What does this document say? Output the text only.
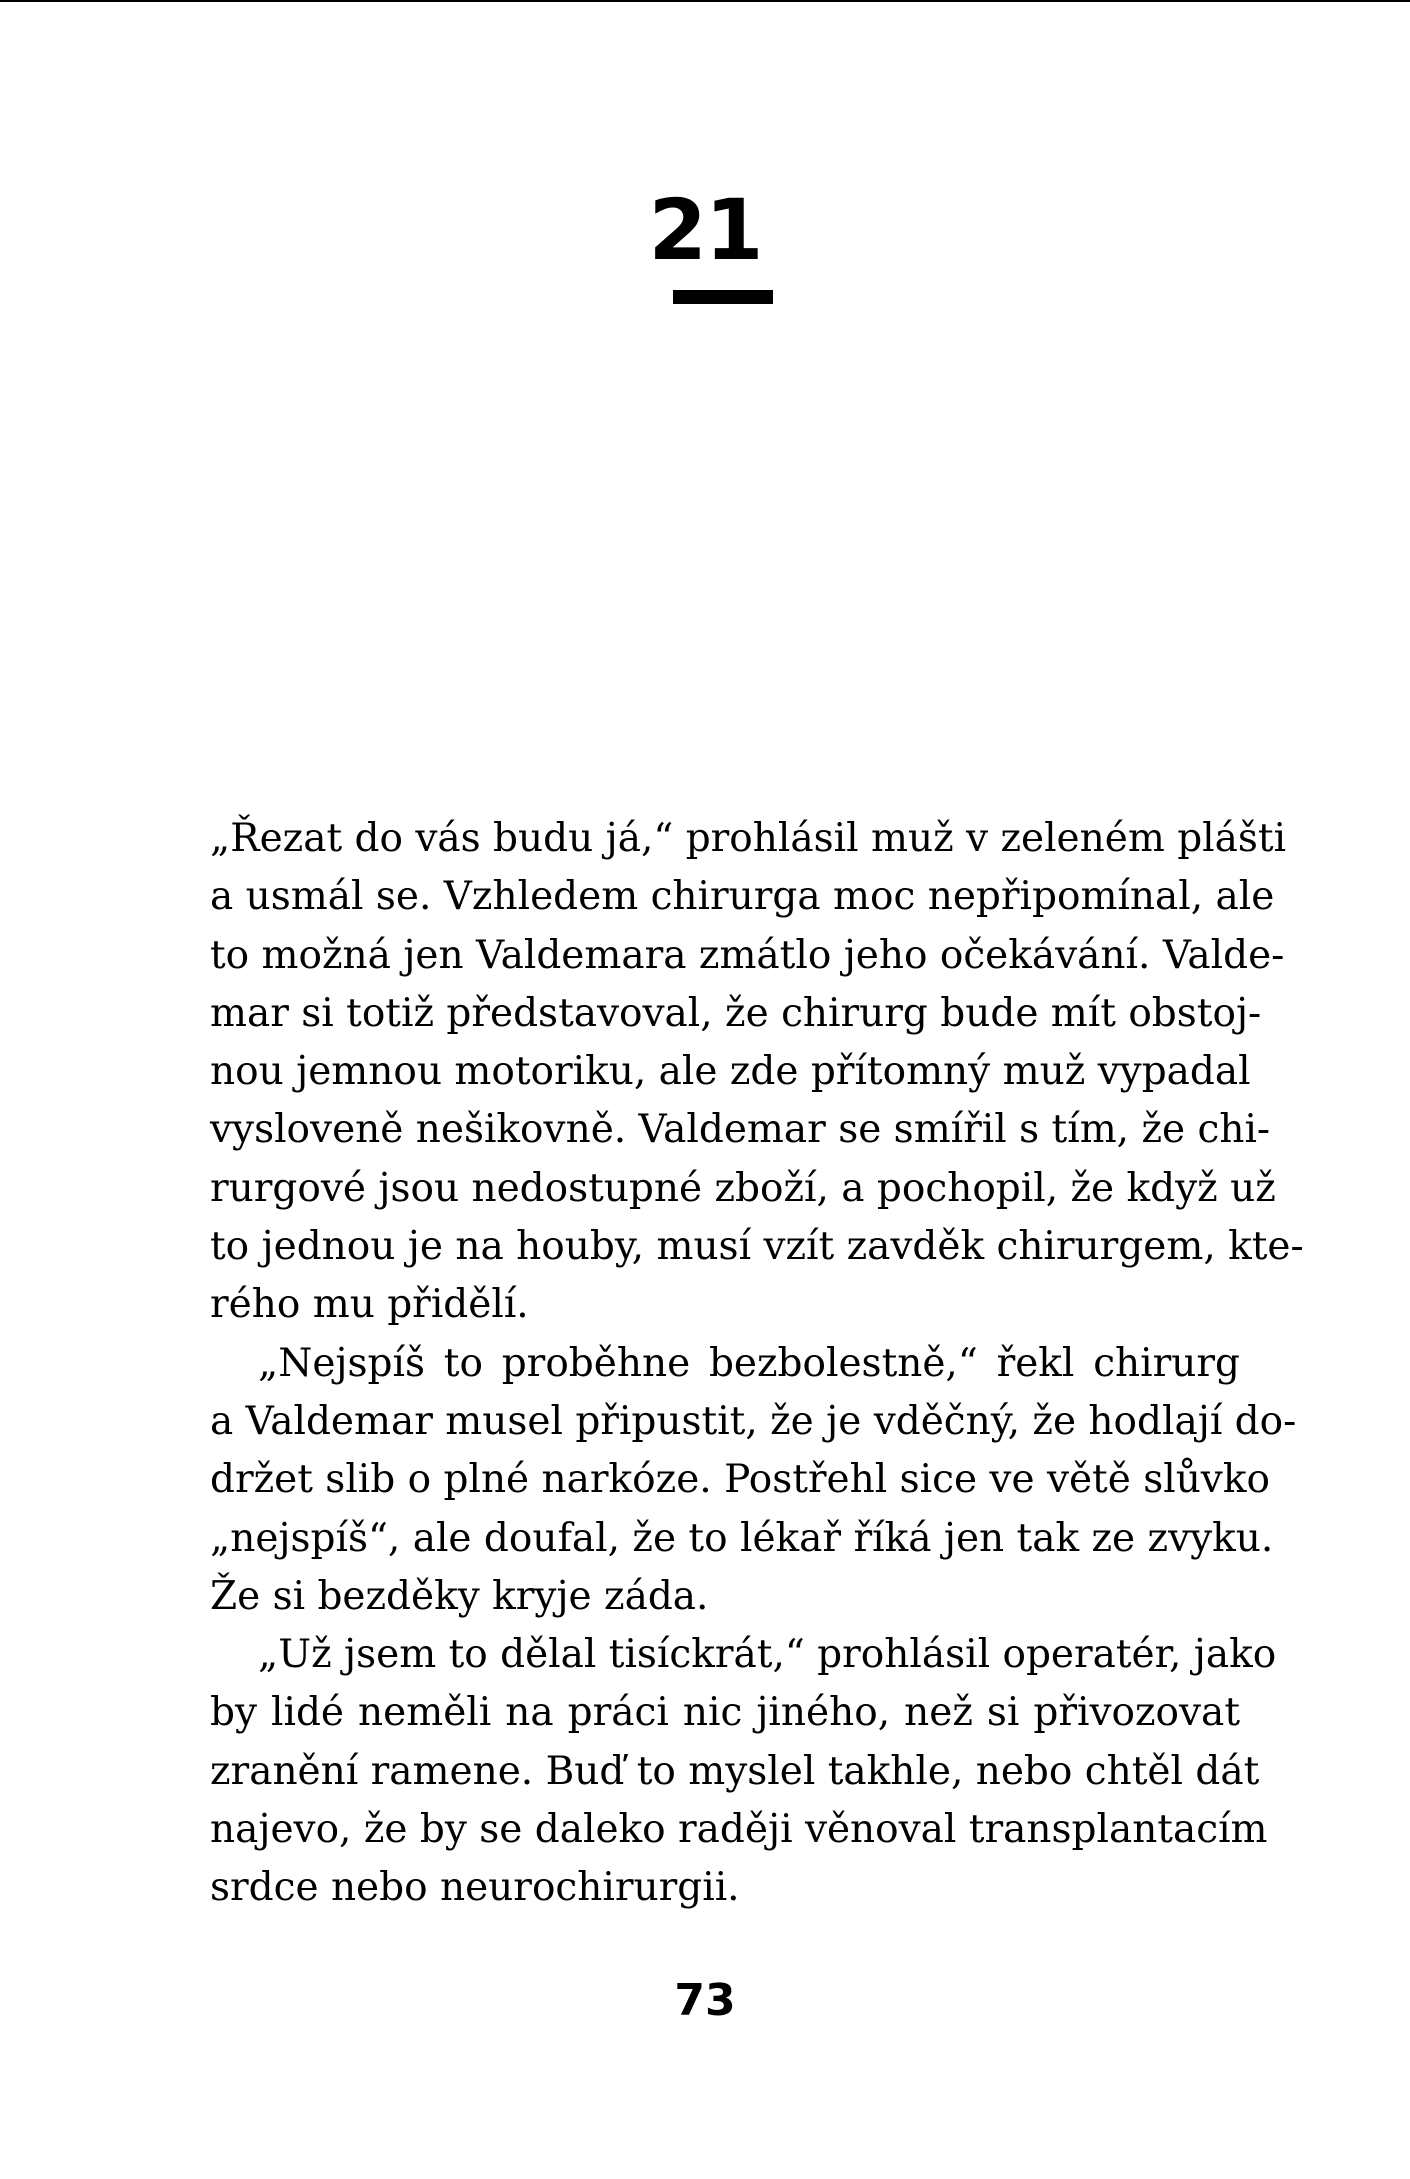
21
„Řezat do vás budu já,“ prohlásil muž v zeleném plášti
a usmál se. Vzhledem chirurga moc nepřipomínal, ale
to možná jen Valdemara zmátlo jeho očekávání. Valde-
mar si totiž představoval, že chirurg bude mít obstoj-
nou jemnou motoriku, ale zde přítomný muž vypadal
vysloveně nešikovně. Valdemar se smířil s tím, že chi-
rurgové jsou nedostupné zboží, a pochopil, že když už
to jednou je na houby, musí vzít zavděk chirurgem, kte-
rého mu přidělí.
„Nejspíš to proběhne bezbolestně,“ řekl chirurg
a Valdemar musel připustit, že je vděčný, že hodlají do-
držet slib o plné narkóze. Postřehl sice ve větě slůvko
„nejspíš“, ale doufal, že to lékař říká jen tak ze zvyku.
Že si bezděky kryje záda.
„Už jsem to dělal tisíckrát,“ prohlásil operatér, jako
by lidé neměli na práci nic jiného, než si přivozovat
zranění ramene. Buď to myslel takhle, nebo chtěl dát
najevo, že by se daleko raději věnoval transplantacím
srdce nebo neurochirurgii.
73
